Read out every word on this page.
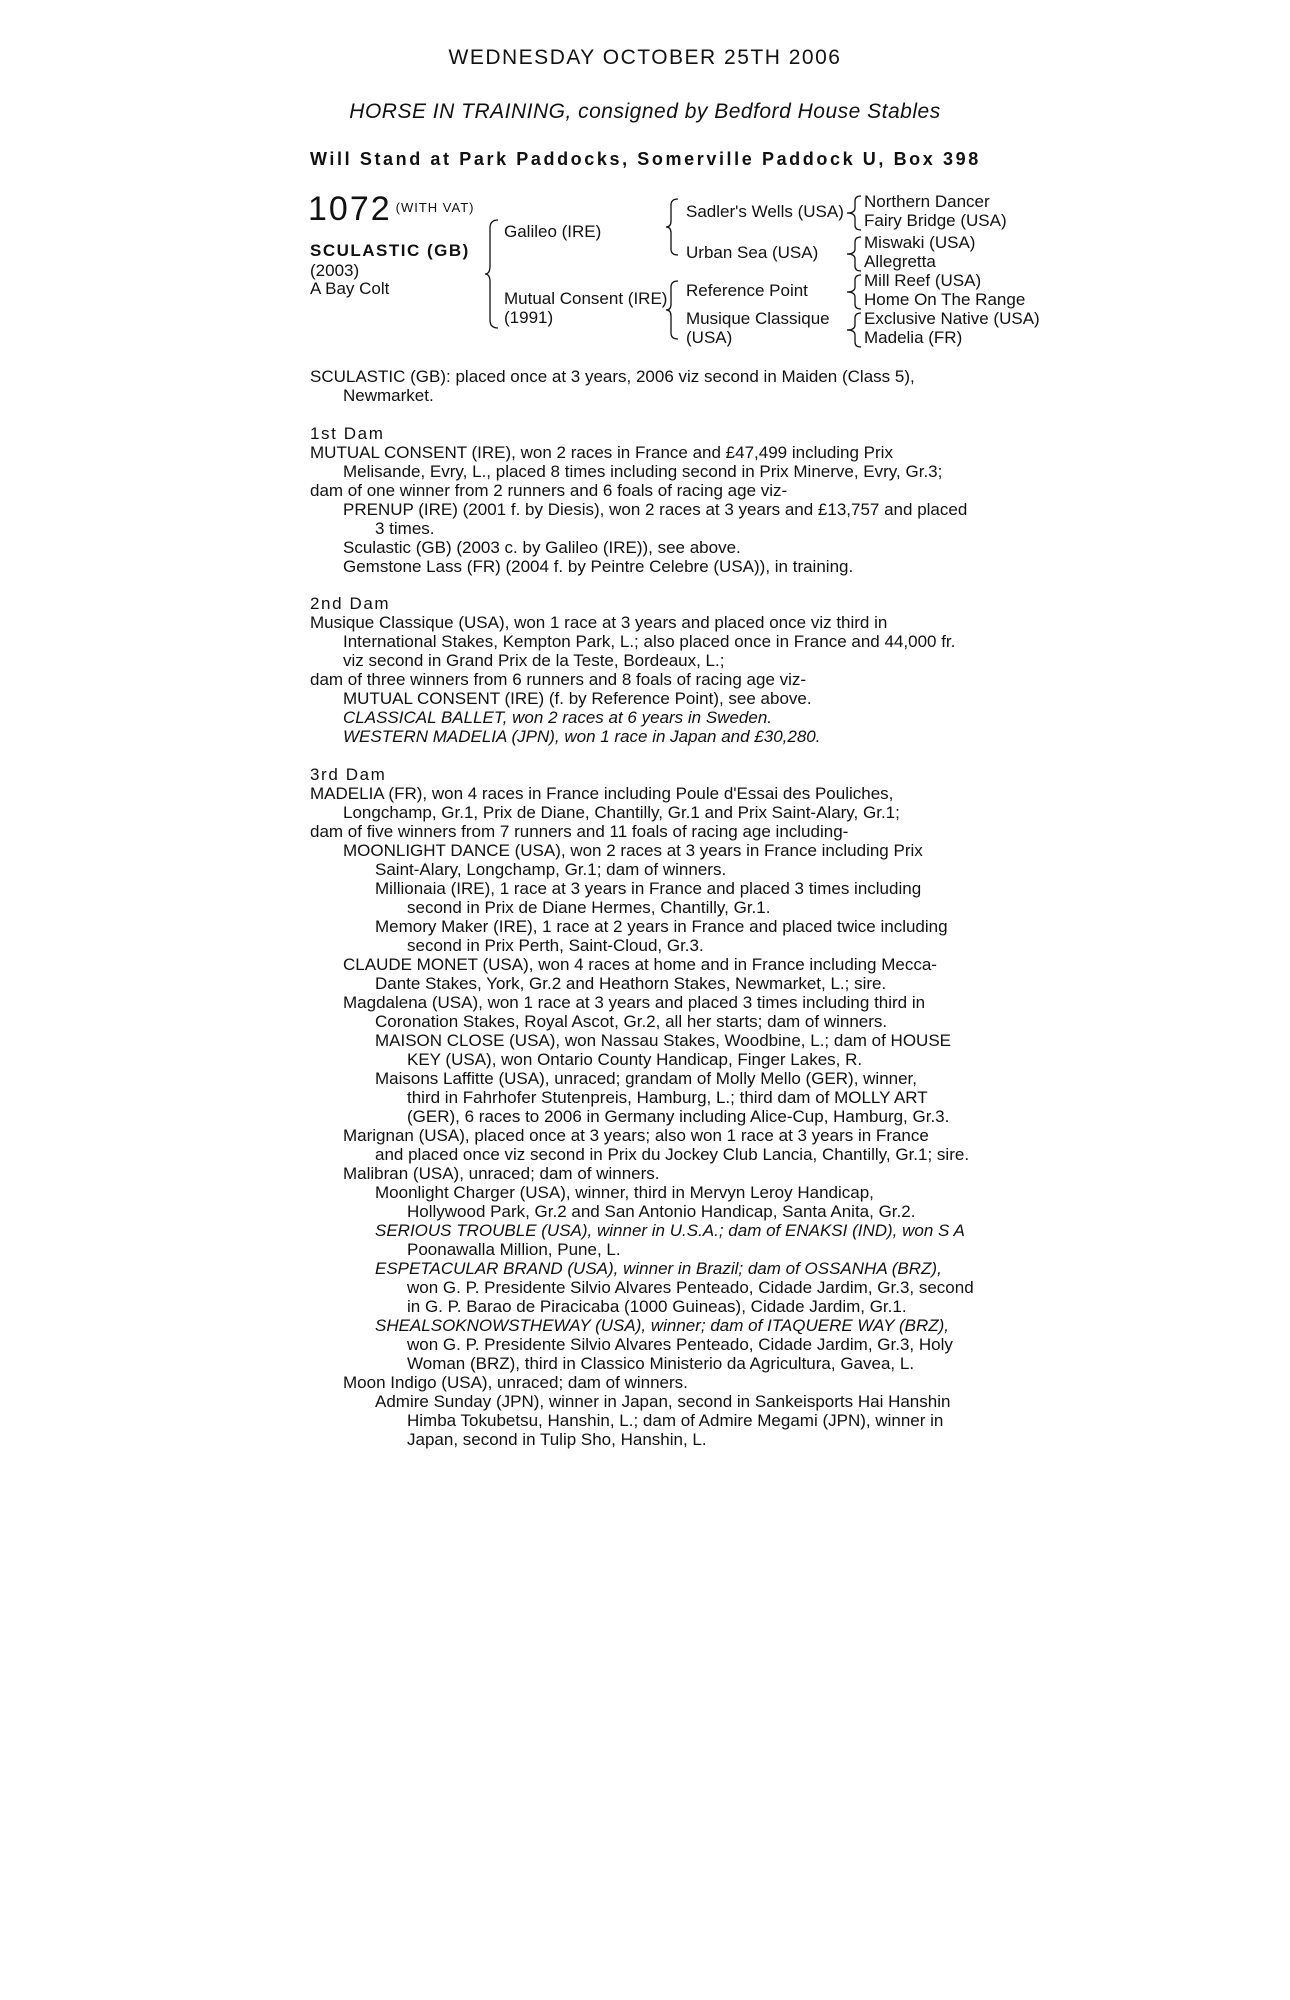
WEDNESDAY OCTOBER 25TH 2006
HORSE IN TRAINING, consigned by Bedford House Stables
Will Stand at Park Paddocks, Somerville Paddock U, Box 398
1072 $^{(WITH VAT)}$
SCULASTIC (GB)
(2003)
A Bay Colt
Galileo (IRE)
Mutual Consent (IRE)
(1991)
Sadler's Wells (USA)
Urban Sea (USA)
Reference Point
Musique Classique
(USA)
Northern Dancer
Fairy Bridge (USA)
Miswaki (USA)
Allegretta
Mill Reef (USA)
Home On The Range
Exclusive Native (USA)
Madelia (FR)

SCULASTIC (GB): placed once at 3 years, 2006 viz second in Maiden (Class 5),

Newmarket.

1st Dam

MUTUAL CONSENT (IRE), won 2 races in France and £47,499 including Prix

Melisande, Evry, L., placed 8 times including second in Prix Minerve, Evry, Gr.3;

dam of one winner from 2 runners and 6 foals of racing age viz-

PRENUP (IRE) (2001 f. by Diesis), won 2 races at 3 years and £13,757 and placed

3 times.

Sculastic (GB) (2003 c. by Galileo (IRE)), see above.

Gemstone Lass (FR) (2004 f. by Peintre Celebre (USA)), in training.

2nd Dam

Musique Classique (USA), won 1 race at 3 years and placed once viz third in

International Stakes, Kempton Park, L.; also placed once in France and 44,000 fr.

viz second in Grand Prix de la Teste, Bordeaux, L.;

dam of three winners from 6 runners and 8 foals of racing age viz-

MUTUAL CONSENT (IRE) (f. by Reference Point), see above.

CLASSICAL BALLET, won 2 races at 6 years in Sweden.

WESTERN MADELIA (JPN), won 1 race in Japan and £30,280.

3rd Dam

MADELIA (FR), won 4 races in France including Poule d'Essai des Pouliches,

Longchamp, Gr.1, Prix de Diane, Chantilly, Gr.1 and Prix Saint-Alary, Gr.1;

dam of five winners from 7 runners and 11 foals of racing age including-

MOONLIGHT DANCE (USA), won 2 races at 3 years in France including Prix

Saint-Alary, Longchamp, Gr.1; dam of winners.

Millionaia (IRE), 1 race at 3 years in France and placed 3 times including

second in Prix de Diane Hermes, Chantilly, Gr.1.

Memory Maker (IRE), 1 race at 2 years in France and placed twice including

second in Prix Perth, Saint-Cloud, Gr.3.

CLAUDE MONET (USA), won 4 races at home and in France including Mecca-

Dante Stakes, York, Gr.2 and Heathorn Stakes, Newmarket, L.; sire.

Magdalena (USA), won 1 race at 3 years and placed 3 times including third in

Coronation Stakes, Royal Ascot, Gr.2, all her starts; dam of winners.

MAISON CLOSE (USA), won Nassau Stakes, Woodbine, L.; dam of HOUSE

KEY (USA), won Ontario County Handicap, Finger Lakes, R.

Maisons Laffitte (USA), unraced; grandam of Molly Mello (GER), winner,

third in Fahrhofer Stutenpreis, Hamburg, L.; third dam of MOLLY ART

(GER), 6 races to 2006 in Germany including Alice-Cup, Hamburg, Gr.3.

Marignan (USA), placed once at 3 years; also won 1 race at 3 years in France

and placed once viz second in Prix du Jockey Club Lancia, Chantilly, Gr.1; sire.

Malibran (USA), unraced; dam of winners.

Moonlight Charger (USA), winner, third in Mervyn Leroy Handicap,

Hollywood Park, Gr.2 and San Antonio Handicap, Santa Anita, Gr.2.

SERIOUS TROUBLE (USA), winner in U.S.A.; dam of ENAKSI (IND), won S A

Poonawalla Million, Pune, L.

ESPETACULAR BRAND (USA), winner in Brazil; dam of OSSANHA (BRZ),

won G. P. Presidente Silvio Alvares Penteado, Cidade Jardim, Gr.3, second

in G. P. Barao de Piracicaba (1000 Guineas), Cidade Jardim, Gr.1.

SHEALSOKNOWSTHEWAY (USA), winner; dam of ITAQUERE WAY (BRZ),

won G. P. Presidente Silvio Alvares Penteado, Cidade Jardim, Gr.3, Holy

Woman (BRZ), third in Classico Ministerio da Agricultura, Gavea, L.

Moon Indigo (USA), unraced; dam of winners.

Admire Sunday (JPN), winner in Japan, second in Sankeisports Hai Hanshin

Himba Tokubetsu, Hanshin, L.; dam of Admire Megami (JPN), winner in

Japan, second in Tulip Sho, Hanshin, L.
